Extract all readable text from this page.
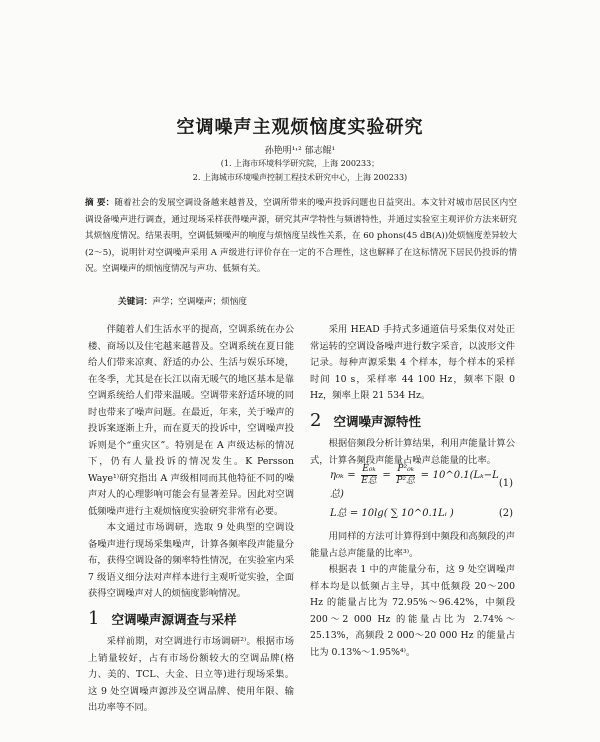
空调噪声主观烦恼度实验研究
孙艳明¹˒² 郁志鲲¹
(1. 上海市环境科学研究院，上海 200233；
2. 上海城市环境噪声控制工程技术研究中心，上海 200233)

摘 要：随着社会的发展空调设备越来越普及，空调所带来的噪声投诉问题也日益突出。本文针对城市居民区内空调设备噪声进行调查，通过现场采样获得噪声源，研究其声学特性与频谱特性，并通过实验室主观评价方法来研究其烦恼度情况。结果表明，空调低频噪声的响度与烦恼度呈线性关系，在 60 phons(45 dB(A))处烦恼度差异较大(2～5)，说明针对空调噪声采用 A 声级进行评价存在一定的不合理性，这也解释了在这标情况下居民仍投诉的情况。空调噪声的烦恼度情况与声功、低频有关。

关键词：声学；空调噪声；烦恼度

伴随着人们生活水平的提高，空调系统在办公楼、商场以及住宅越来越普及。空调系统在夏日能给人们带来凉爽、舒适的办公、生活与娱乐环境，在冬季，尤其是在长江以南无暖气的地区基本是靠空调系统给人们带来温暖。空调带来舒适环境的同时也带来了噪声问题。在最近，年来，关于噪声的投诉案逐渐上升，而在夏天的投诉中，空调噪声投诉则是个“重灾区”。特别是在 A 声级达标的情况下，仍有人量投诉的情况发生。K Persson Waye¹⁾研究指出 A 声级相同而其他特征不同的噪声对人的心理影响可能会有显著差异。因此对空调低频噪声进行主观烦恼度实验研究非常有必要。

本文通过市场调研，选取 9 处典型的空调设备噪声进行现场采集噪声，计算各频率段声能量分布，获得空调设备的频率特性情况，在实验室内采 7 级语义细分法对声样本进行主观听觉实验，全面获得空调噪声对人的烦恼度影响情况。

1 空调噪声源调查与采样

采样前期，对空调进行市场调研²⁾。根据市场上销量较好，占有市场份额较大的空调品牌(格力、美的、TCL、大金、日立等)进行现场采集。这 9 处空调噪声源涉及空调品牌、使用年限、输出功率等不同。

采用 HEAD 手持式多通道信号采集仪对处正常运转的空调设备噪声进行数字采音，以波形文件记录。每种声源采集 4 个样本，每个样本的采样时间 10 s，采样率 44 100 Hz，频率下限 0 Hz，频率上限 21 534 Hz。

2 空调噪声源特性

根据倍频段分析计算结果，利用声能量计算公式，计算各频段声能量占噪声总能量的比率。

$\eta_{0k} = \frac{\text{E₀ₖ}}{\text{E总}} = \frac{\text{P²₀ₖ}}{\text{P²总}}$ = 10^0.1(Lₖ−L总)
(1)
L总 = 10lg( ∑ 10^0.1Lᵢ )	(2)

用同样的方法可计算得到中频段和高频段的声能量占总声能量的比率³⁾。

根据表 1 中的声能量分布，这 9 处空调噪声样本均是以低频占主导，其中低频段 20～200 Hz 的能量占比为 72.95%～96.42%，中频段 200～2 000 Hz 的能量占比为 2.74%～25.13%，高频段 2 000～20 000 Hz 的能量占比为 0.13%～1.95%⁴⁾。
